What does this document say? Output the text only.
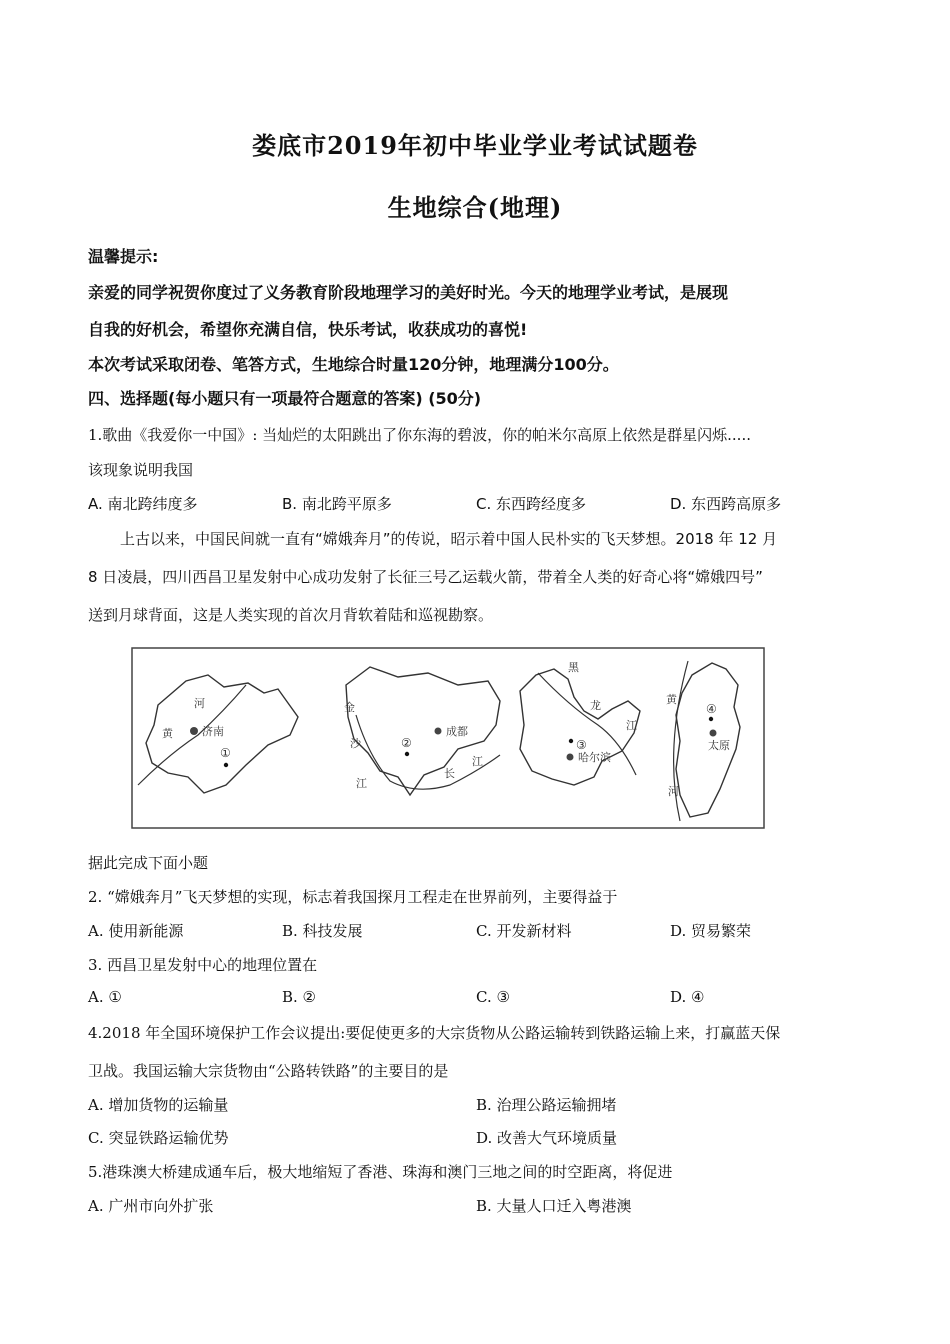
娄底市2019年初中毕业学业考试试题卷
生地综合(地理)
温馨提示:
亲爱的同学祝贺你度过了义务教育阶段地理学习的美好时光。今天的地理学业考试，是展现
自我的好机会，希望你充满自信，快乐考试，收获成功的喜悦!
本次考试采取闭卷、笔答方式，生地综合时量120分钟，地理满分100分。
四、选择题(每小题只有一项最符合题意的答案) (50分)
1.歌曲《我爱你一中国》: 当灿烂的太阳跳出了你东海的碧波，你的帕米尔高原上依然是群星闪烁.....
该现象说明我国
A. 南北跨纬度多	B. 南北跨平原多	C. 东西跨经度多	D. 东西跨高原多
上古以来，中国民间就一直有“嫦娥奔月”的传说，昭示着中国人民朴实的飞天梦想。2018 年 12 月
8 日凌晨，四川西昌卫星发射中心成功发射了长征三号乙运载火箭，带着全人类的好奇心将“嫦娥四号”
送到月球背面，这是人类实现的首次月背软着陆和巡视勘察。
河
黄	济南
①
金
沙
江
成都
②
长
江
黑
龙
江
③
哈尔滨
黄
河
④
太原
据此完成下面小题
2. “嫦娥奔月”飞天梦想的实现，标志着我国探月工程走在世界前列，主要得益于
A. 使用新能源	B. 科技发展	C. 开发新材料	D. 贸易繁荣
3. 西昌卫星发射中心的地理位置在
A. ①	B. ②	C. ③	D. ④
4.2018 年全国环境保护工作会议提出:要促使更多的大宗货物从公路运输转到铁路运输上来，打赢蓝天保
卫战。我国运输大宗货物由“公路转铁路”的主要目的是
A. 增加货物的运输量	B. 治理公路运输拥堵
C. 突显铁路运输优势	D. 改善大气环境质量
5.港珠澳大桥建成通车后，极大地缩短了香港、珠海和澳门三地之间的时空距离，将促进
A. 广州市向外扩张	B. 大量人口迁入粤港澳
